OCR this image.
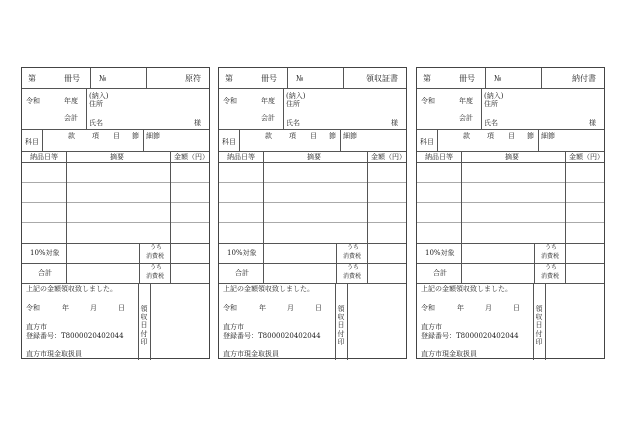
第	冊号 №	原符
令和	年度
会計
(納入)
住所
氏名	様
科目
款 項 目 節 細節
納品日等	摘要	金額（円）
10%対象
うち
消費税
合計
うち
消費税
上記の金額領収致しました。
令和	年	月	日
直方市
登録番号：T8000020402044
直方市現金取扱員
領
収
日
付
印
第	冊号 №	領収証書
令和	年度
会計
(納入)
住所
氏名	様
科目
款 項 目 節 細節
納品日等	摘要	金額（円）
10%対象
うち
消費税
合計
うち
消費税
上記の金額領収致しました。
令和	年	月	日
直方市
登録番号：T8000020402044
直方市現金取扱員
領
収
日
付
印
第	冊号 №	納付書
令和	年度
会計
(納入)
住所
氏名	様
科目
款 項 目 節 細節
納品日等	摘要	金額（円）
10%対象
うち
消費税
合計
うち
消費税
上記の金額領収致しました。
令和	年	月	日
直方市
登録番号：T8000020402044
直方市現金取扱員
領
収
日
付
印
